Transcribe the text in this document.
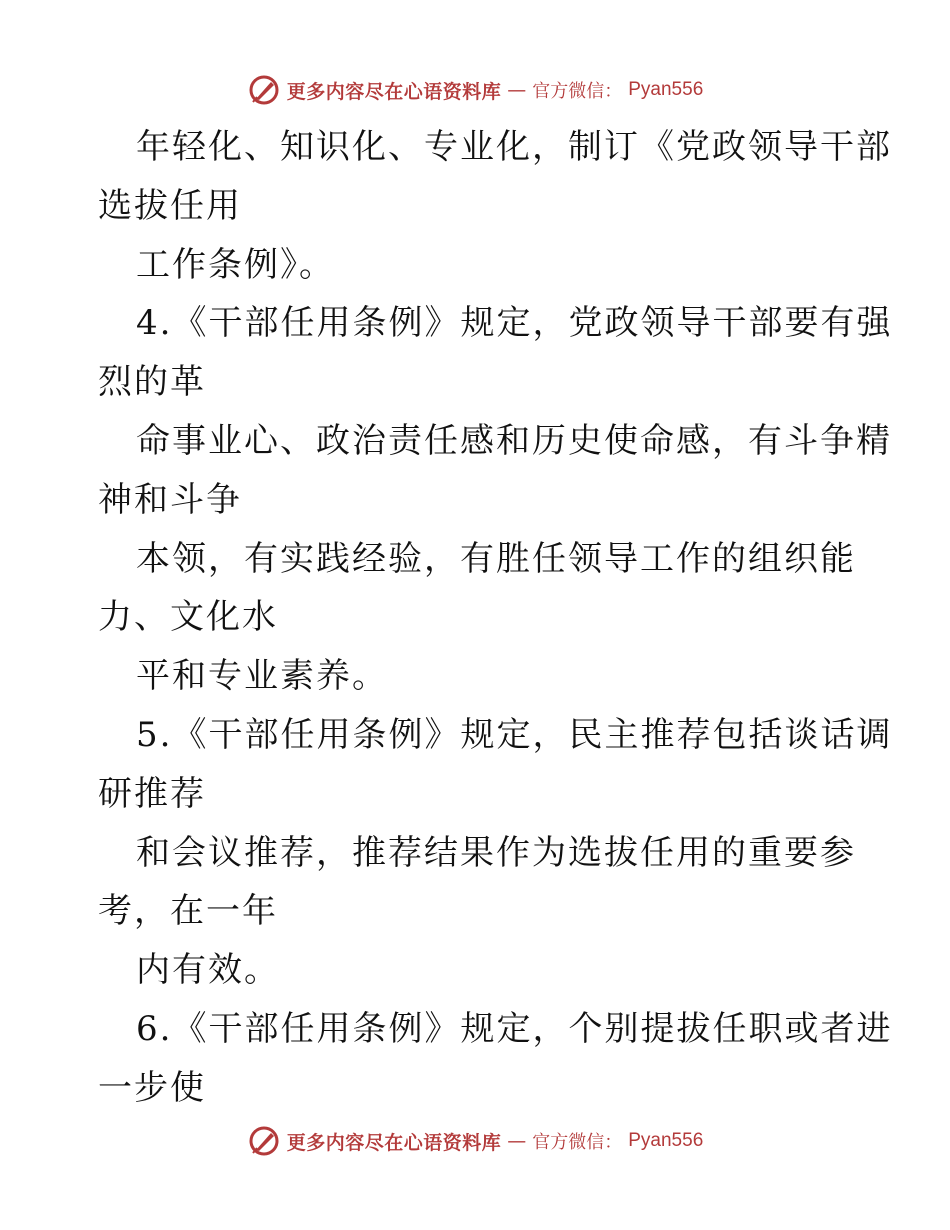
更多内容尽在心语资料库 — 官方微信： Pyan556
年轻化、知识化、专业化，制订《党政领导干部
选拔任用
工作条例》。
4.《干部任用条例》规定，党政领导干部要有强
烈的革
命事业心、政治责任感和历史使命感，有斗争精
神和斗争
本领，有实践经验，有胜任领导工作的组织能
力、文化水
平和专业素养。
5.《干部任用条例》规定，民主推荐包括谈话调
研推荐
和会议推荐，推荐结果作为选拔任用的重要参
考，在一年
内有效。
6.《干部任用条例》规定，个别提拔任职或者进
一步使
更多内容尽在心语资料库 — 官方微信： Pyan556
